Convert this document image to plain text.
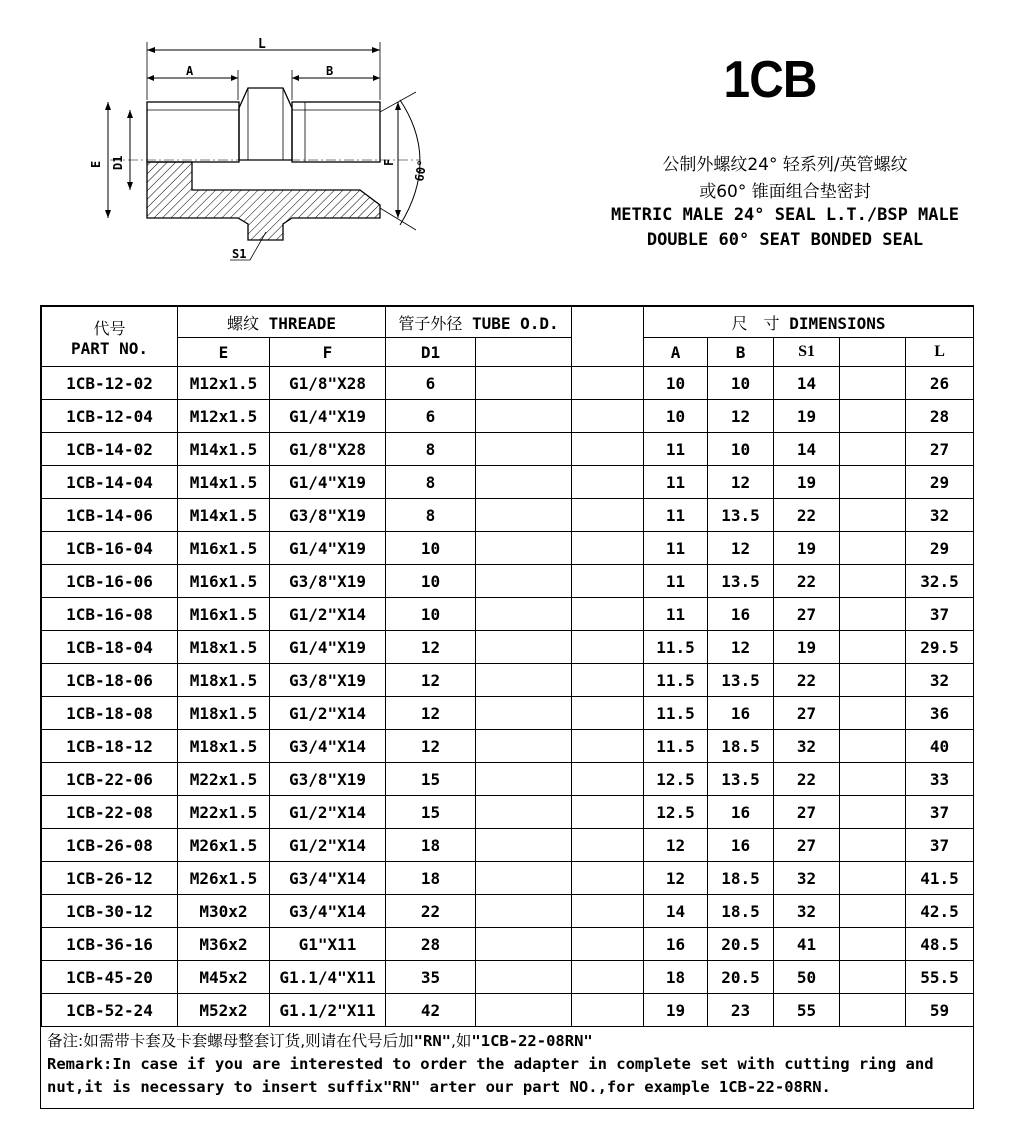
L
A	B
E D1	F 60°
S1
1CB
公制外螺纹24° 轻系列/英管螺纹
或60° 锥面组合垫密封
METRIC MALE 24° SEAL L.T./BSP MALE
DOUBLE 60° SEAT BONDED SEAL
代号
PART NO.	螺纹 THREADE		管子外径 TUBE O.D.			尺　寸 DIMENSIONS				
	E	F	D1			A	B	S1		L
1CB-12-02	M12x1.5	G1/8"X28	6			10	10	14		26
1CB-12-04	M12x1.5	G1/4"X19	6			10	12	19		28
1CB-14-02	M14x1.5	G1/8"X28	8			11	10	14		27
1CB-14-04	M14x1.5	G1/4"X19	8			11	12	19		29
1CB-14-06	M14x1.5	G3/8"X19	8			11	13.5	22		32
1CB-16-04	M16x1.5	G1/4"X19	10			11	12	19		29
1CB-16-06	M16x1.5	G3/8"X19	10			11	13.5	22		32.5
1CB-16-08	M16x1.5	G1/2"X14	10			11	16	27		37
1CB-18-04	M18x1.5	G1/4"X19	12			11.5	12	19		29.5
1CB-18-06	M18x1.5	G3/8"X19	12			11.5	13.5	22		32
1CB-18-08	M18x1.5	G1/2"X14	12			11.5	16	27		36
1CB-18-12	M18x1.5	G3/4"X14	12			11.5	18.5	32		40
1CB-22-06	M22x1.5	G3/8"X19	15			12.5	13.5	22		33
1CB-22-08	M22x1.5	G1/2"X14	15			12.5	16	27		37
1CB-26-08	M26x1.5	G1/2"X14	18			12	16	27		37
1CB-26-12	M26x1.5	G3/4"X14	18			12	18.5	32		41.5
1CB-30-12	M30x2	G3/4"X14	22			14	18.5	32		42.5
1CB-36-16	M36x2	G1"X11	28			16	20.5	41		48.5
1CB-45-20	M45x2	G1.1/4"X11	35			18	20.5	50		55.5
1CB-52-24	M52x2	G1.1/2"X11	42			19	23	55		59
备注:如需带卡套及卡套螺母整套订货,则请在代号后加"RN",如"1CB-22-08RN"
Remark:In case if you are interested to order the adapter in complete set with cutting ring and
nut,it is necessary to insert suffix"RN" arter our part NO.,for example 1CB-22-08RN.
